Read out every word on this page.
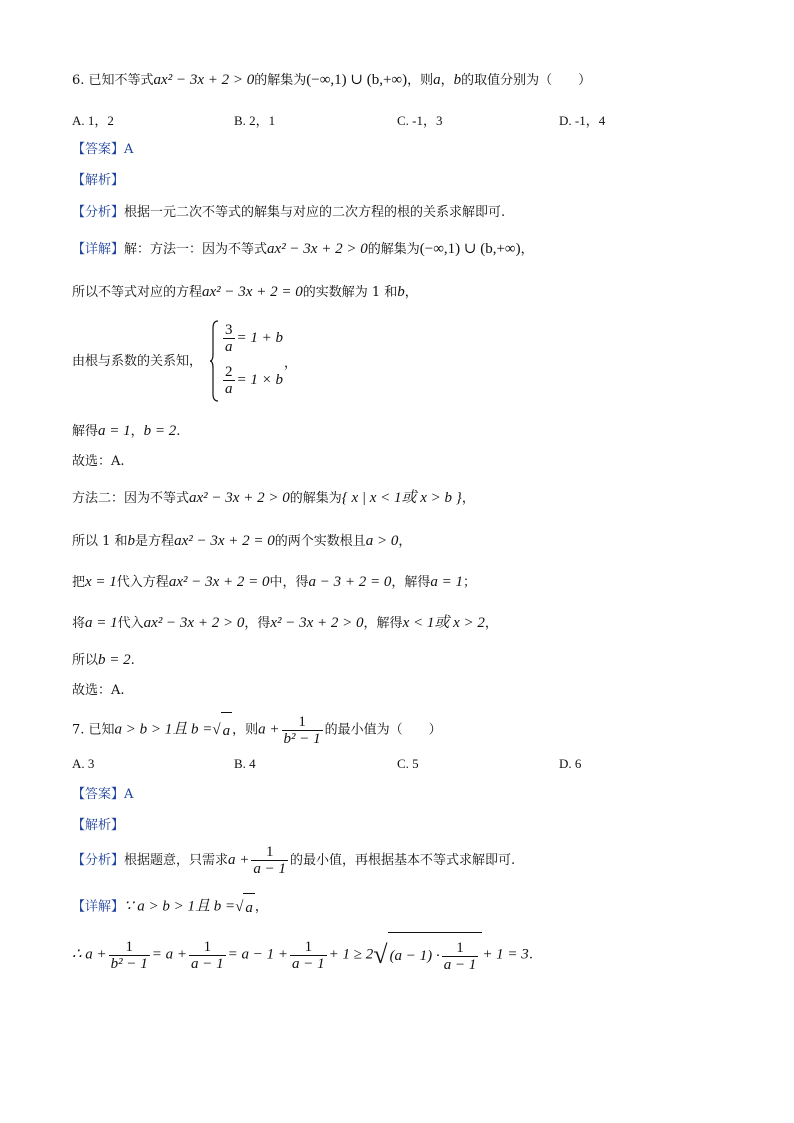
6. 已知不等式ax² − 3x + 2 > 0的解集为(−∞,1) ∪ (b,+∞)，则a，b的取值分别为（　　）
A. 1，2	B. 2，1	C. -1，3	D. -1，4
【答案】A
【解析】
【分析】根据一元二次不等式的解集与对应的二次方程的根的关系求解即可.
【详解】解：方法一：因为不等式ax² − 3x + 2 > 0的解集为(−∞,1) ∪ (b,+∞)，
所以不等式对应的方程ax² − 3x + 2 = 0的实数解为 1 和b，
由根与系数的关系知，
$\frac{3}{a} = 1 + b$
$\frac{2}{a} = 1 \times b$
，
解得a = 1，b = 2.
故选：A.
方法二：因为不等式ax² − 3x + 2 > 0的解集为{ x | x < 1或 x > b }，
所以 1 和b是方程ax² − 3x + 2 = 0的两个实数根且a > 0，
把x = 1代入方程ax² − 3x + 2 = 0中，得a − 3 + 2 = 0，解得a = 1；
将a = 1代入ax² − 3x + 2 > 0，得x² − 3x + 2 > 0，解得x < 1或 x > 2，
所以b = 2.
故选：A.
7. 已知a > b > 1且 b = √ a ，则$a + \frac{1}{\text{b² − 1}}$ 的最小值为（　　）
A. 3	B. 4	C. 5	D. 6
【答案】A
【解析】
【分析】根据题意，只需求$a + \frac{1}{a - 1}$ 的最小值，再根据基本不等式求解即可.
【详解】∵ a > b > 1且 b = √ a ，
∴ $a + \frac{1}{\text{b² − 1}} = a + \frac{1}{a - 1} = a - 1 + \frac{1}{a - 1} + 1 \ge 2$ √ $(a - 1) \cdot \frac{1}{a - 1} + 1 = 3$.
